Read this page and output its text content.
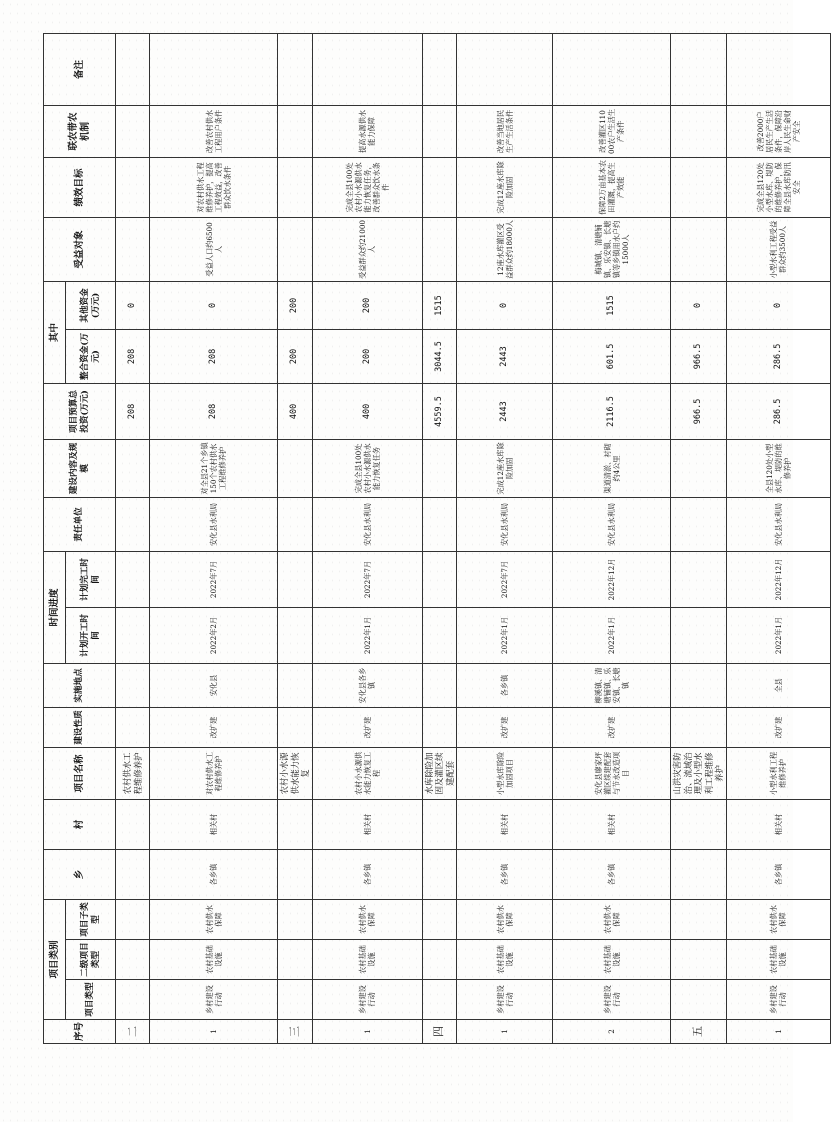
序号	项目类别			乡	村	项目名称	建设性质	实施地点	时间进度		责任单位	建设内容及规模	项目预算总投资(万元)	其中		受益对象	绩效目标	联农带农机制	备注
	项目类型	二级项目类型	项目子类型						计划开工时间	计划完工时间				整合资金(万元)	其他资金(万元)				

二						农村供水工程维修养护							208	208	0				
1	乡村建设行动	农村基础设施	农村供水保障	各乡镇	相关村	对农村供水工程维修养护	改扩建	安化县	2022年2月	2022年7月	安化县水利局	对全县21个乡镇150个农村供水工程维修养护	208	208	0	受益人口约6500人	对农村供水工程维修养护，提高工程效益，改善群众饮水条件	改善农村供水工程用户条件	
三						农村小水源供水能力恢复							400	200	200				
1	乡村建设行动	农村基础设施	农村供水保障	各乡镇	相关村	农村小水源供水能力恢复工程	改扩建	安化县各乡镇	2022年1月	2022年7月	安化县水利局	完成全县100处农村小水源供水能力恢复任务	400	200	200	受益群众约21000人	完成全县100处农村小水源供水能力恢复任务，改善群众饮水条件	提高水源供水能力保障	
四						水库除险加固及灌区续建配套							4559.5	3044.5	1515				
1	乡村建设行动	农村基础设施	农村供水保障	各乡镇	相关村	小型水库除险加固项目	改扩建	各乡镇	2022年1月	2022年7月	安化县水利局	完成12座水库除险加固	2443	2443	0	12座水库灌区受益群众约18000人	完成12座水库除险加固	改善当地居民生产生活条件	
2	乡村建设行动	农村基础设施	农村供水保障	各乡镇	相关村	安化县廖家坪灌区续建配套与节水改造项目	改扩建	柳溪镇、清塘铺镇、乐安镇、长塘镇	2022年1月	2022年12月	安化县水利局	渠道清淤、衬砌约4公里	2116.5	601.5	1515	梅城镇、清塘铺镇、乐安镇、长塘镇等乡镇用水户约15000人	保障2万亩基本农田灌溉，提高生产效能	改善灌区11000农户生活生产条件	
五						山洪灾害防治、流域治理及小型水利工程维修养护							966.5	966.5	0				
1	乡村建设行动	农村基础设施	农村供水保障	各乡镇	相关村	小型水利工程维修养护	改扩建	全县	2022年1月	2022年12月	安化县水利局	全县120处小型水库、堤防的维修养护	286.5	286.5	0	小型水利工程受益群众约3500人	完成全县120处小型水库、堤防的维修养护，保障全县水库防汛安全	改善2000户居民生产生活条件，保障沿岸人民生命财产安全	
